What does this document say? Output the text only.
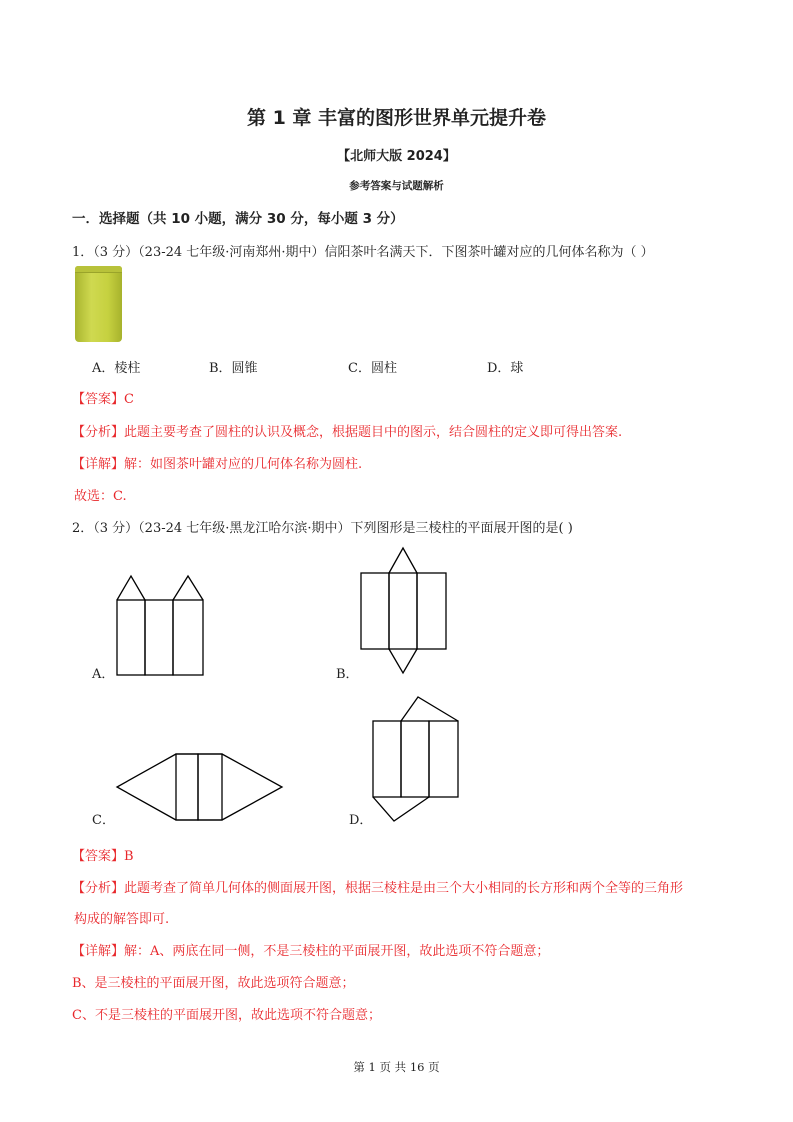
第 1 章 丰富的图形世界单元提升卷
【北师大版 2024】
参考答案与试题解析
一．选择题（共 10 小题，满分 30 分，每小题 3 分）
1．（3 分）（23-24 七年级·河南郑州·期中）信阳茶叶名满天下．下图茶叶罐对应的几何体名称为（ ）
A．棱柱	B．圆锥	C．圆柱	D．球
【答案】C
【分析】此题主要考查了圆柱的认识及概念，根据题目中的图示，结合圆柱的定义即可得出答案.
【详解】解：如图茶叶罐对应的几何体名称为圆柱.
故选：C.
2．（3 分）（23-24 七年级·黑龙江哈尔滨·期中）下列图形是三棱柱的平面展开图的是( )
A．	B．
C．	D．
【答案】B
【分析】此题考查了简单几何体的侧面展开图，根据三棱柱是由三个大小相同的长方形和两个全等的三角形
构成的解答即可.
【详解】解：A、两底在同一侧，不是三棱柱的平面展开图，故此选项不符合题意；
B、是三棱柱的平面展开图，故此选项符合题意；
C、不是三棱柱的平面展开图，故此选项不符合题意；
第 1 页 共 16 页
